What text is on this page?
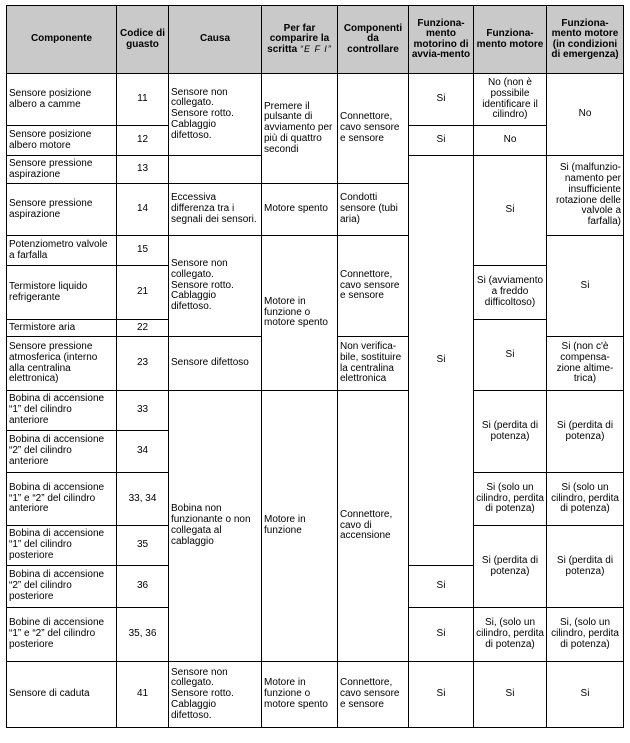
Componente	Codice di guasto	Causa	Per far comparire la scritta “E F I”	Componenti da controllare	Funziona-mento motorino di avvia-mento	Funziona-mento motore	Funziona-mento motore (in condizioni di emergenza)
Sensore posizione albero a camme	11	Sensore non collegato.
Sensore rotto.
Cablaggio difettoso.	Premere il pulsante di avviamento per più di quattro secondi	Connettore, cavo sensore e sensore	Si	No (non è possibile identificare il cilindro)	No
Sensore posizione albero motore	12				Si	No	
Sensore pressione aspirazione	13				Si	Si	Si (malfunzio-namento per insufficiente rotazione delle valvole a farfalla)
Sensore pressione aspirazione	14	Eccessiva differenza tra i segnali dei sensori.	Motore spento	Condotti sensore (tubi aria)			
Potenziometro valvole a farfalla	15	Sensore non collegato.
Sensore rotto.
Cablaggio difettoso.	Motore in funzione o motore spento	Connettore, cavo sensore e sensore			Si
Termistore liquido refrigerante	21					Si (avviamento a freddo difficoltoso)	
Termistore aria	22					Si	
Sensore pressione atmosferica (interno alla centralina elettronica)	23	Sensore difettoso		Non verifica-bile, sostituire la centralina elettronica			Si (non c'è compensa-zione altime-trica)
Bobina di accensione “1” del cilindro anteriore	33	Bobina non funzionante o non collegata al cablaggio	Motore in funzione	Connettore, cavo di accensione		Si (perdita di potenza)	Si (perdita di potenza)
Bobina di accensione “2” del cilindro anteriore	34						
Bobina di accensione “1” e “2” del cilindro anteriore	33, 34					Si (solo un cilindro, perdita di potenza)	Si (solo un cilindro, perdita di potenza)
Bobina di accensione “1” del cilindro posteriore	35					Si (perdita di potenza)	Si (perdita di potenza)
Bobina di accensione “2” del cilindro posteriore	36				Si		
Bobine di accensione “1” e “2” del cilindro posteriore	35, 36				Si	Si, (solo un cilindro, perdita di potenza)	Si, (solo un cilindro, perdita di potenza)
Sensore di caduta	41	Sensore non collegato.
Sensore rotto.
Cablaggio difettoso.	Motore in funzione o motore spento	Connettore, cavo sensore e sensore	Si	Si	Si
